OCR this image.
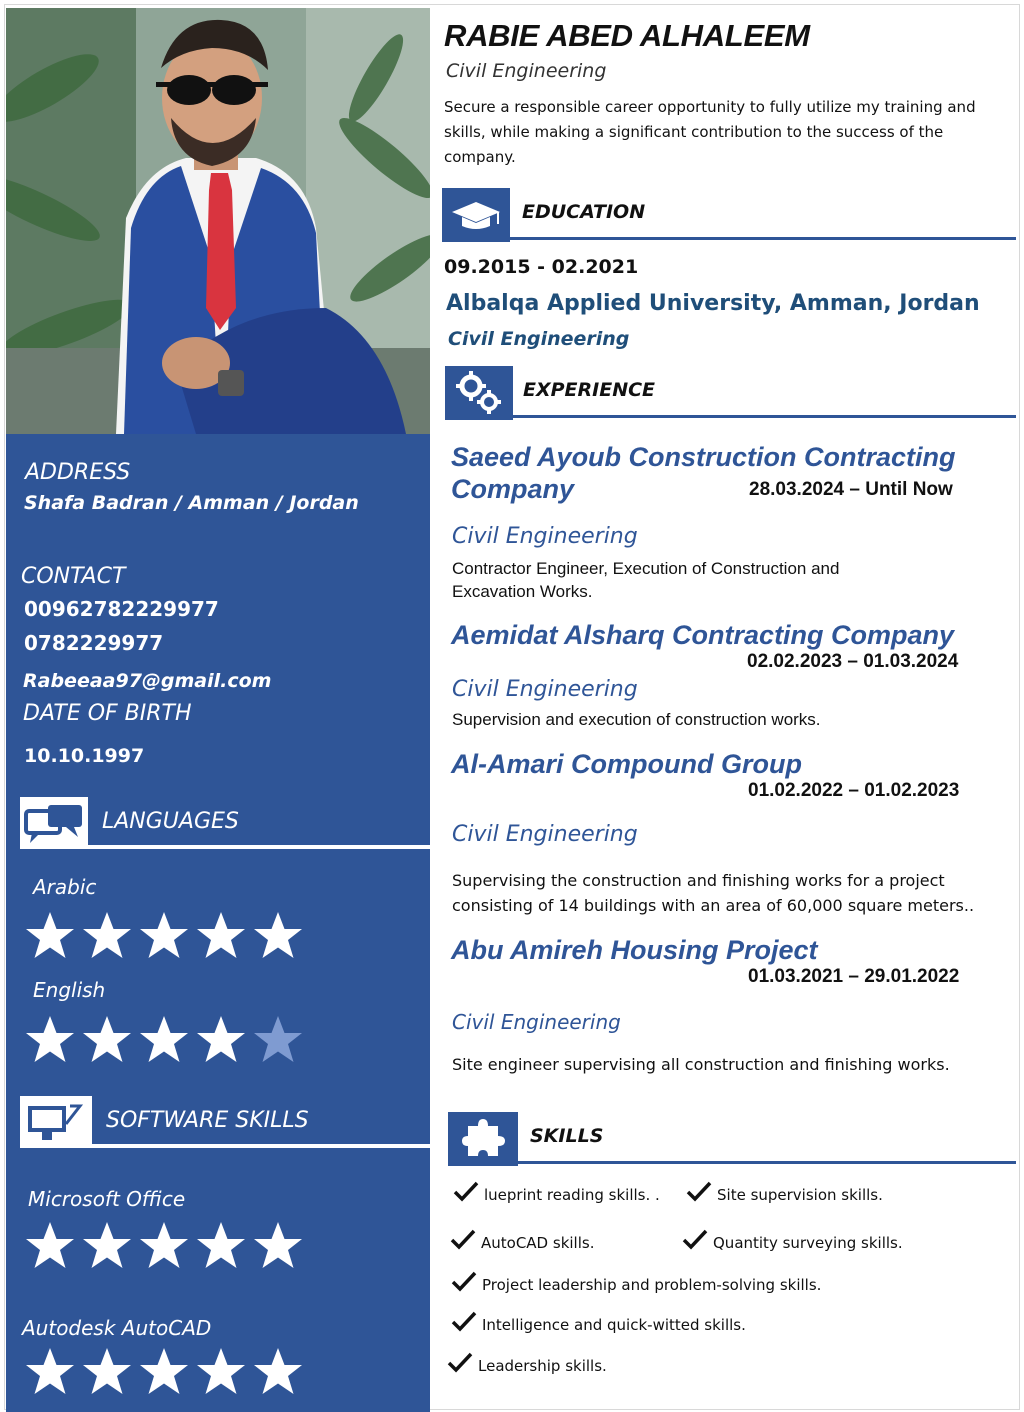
ADDRESS
Shafa Badran / Amman / Jordan
CONTACT
00962782229977
0782229977
Rabeeaa97@gmail.com
DATE OF BIRTH
10.10.1997
LANGUAGES
Arabic
English
SOFTWARE SKILLS
Microsoft Office
Autodesk AutoCAD
RABIE ABED ALHALEEM
Civil Engineering
Secure a responsible career opportunity to fully utilize my training and skills, while making a significant contribution to the success of the company.
EDUCATION
09.2015 - 02.2021
Albalqa Applied University, Amman, Jordan
Civil Engineering
EXPERIENCE
Saeed Ayoub Construction Contracting
Company	28.03.2024 – Until Now
Civil Engineering
Contractor Engineer, Execution of Construction and
Excavation Works.
Aemidat Alsharq Contracting Company
02.02.2023 – 01.03.2024
Civil Engineering
Supervision and execution of construction works.
Al-Amari Compound Group
01.02.2022 – 01.02.2023
Civil Engineering
Supervising the construction and finishing works for a project
consisting of 14 buildings with an area of 60,000 square meters..
Abu Amireh Housing Project
01.03.2021 – 29.01.2022
Civil Engineering
Site engineer supervising all construction and finishing works.
SKILLS
lueprint reading skills. .	Site supervision skills.
AutoCAD skills.	Quantity surveying skills.
Project leadership and problem-solving skills.
Intelligence and quick-witted skills.
Leadership skills.
